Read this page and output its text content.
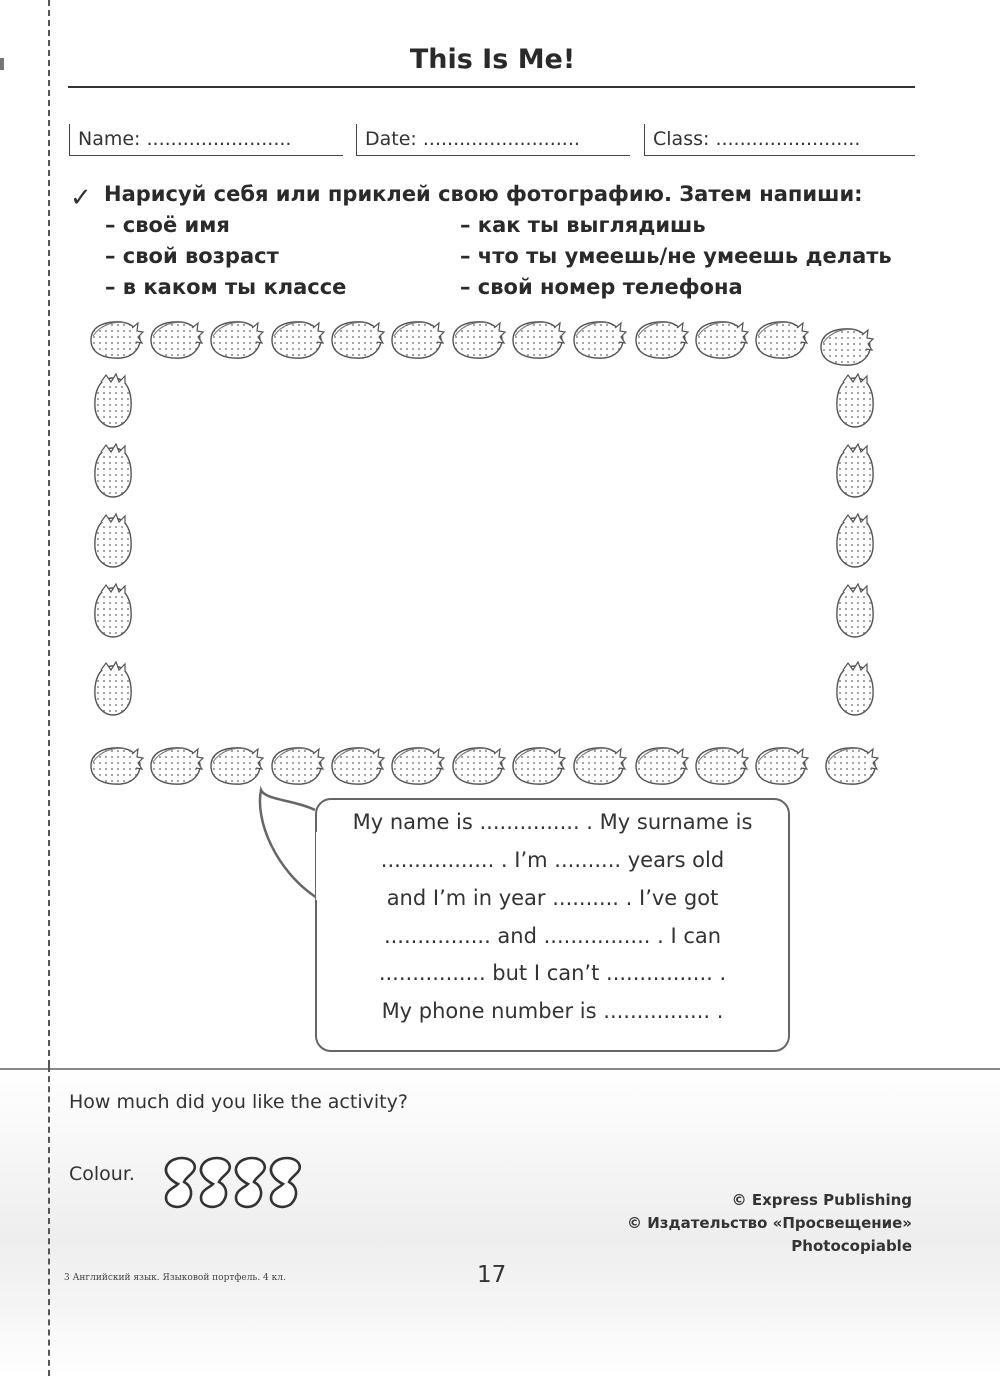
This Is Me!
Name: ........................	Date: ..........................	Class: ........................
✓ Нарисуй себя или приклей свою фотографию. Затем напиши:
– своё имя
– свой возраст
– в каком ты классе
– как ты выглядишь
– что ты умеешь/не умеешь делать
– свой номер телефона
My name is ............... . My surname is
................. . I’m .......... years old
and I’m in year .......... . I’ve got
................ and ................ . I can
................ but I can’t ................ .
My phone number is ................ .
How much did you like the activity?
Colour.
© Express Publishing
© Издательство «Просвещение»
Photocopiable
17
3 Английский язык. Языковой портфель. 4 кл.
